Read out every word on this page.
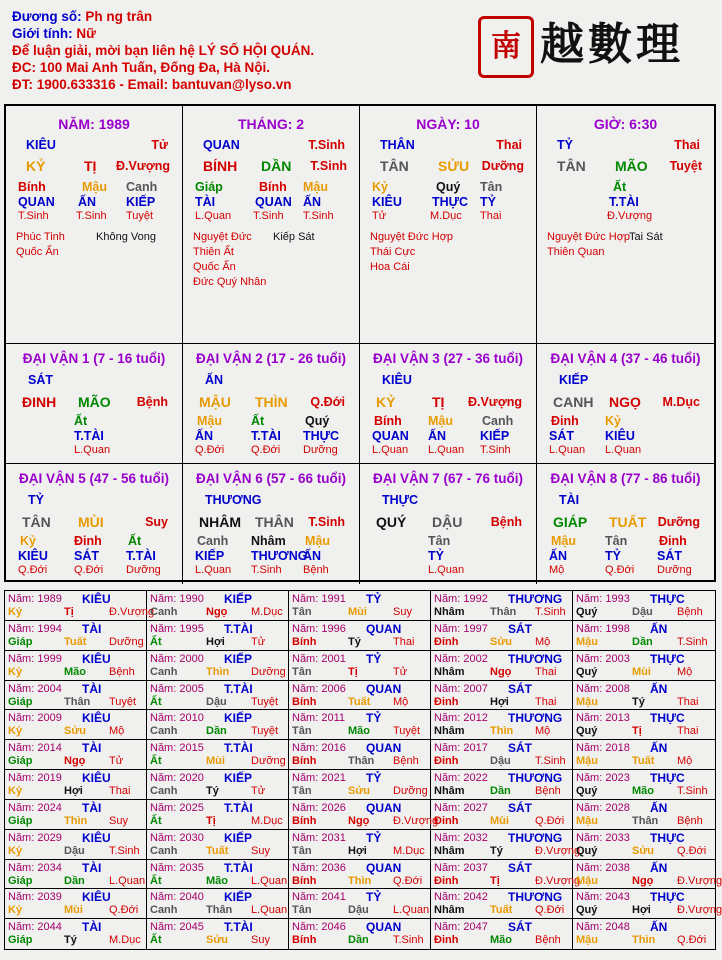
Đương số: Ph ng trân
Giới tính: Nữ
Để luận giải, mời bạn liên hệ LÝ SỐ HỘI QUÁN.
ĐC: 100 Mai Anh Tuấn, Đống Đa, Hà Nội.
ĐT: 1900.633316 - Email: bantuvan@lyso.vn
南 越數理
NĂM: 1989
KIÊU	Tử
KỶ	TỊ Đ.Vượng
Bính	Mậu Canh
QUAN ẤN KIẾP
T.Sinh T.Sinh Tuyệt
Phúc Tinh
Quốc Ấn
Không Vong
THÁNG: 2
QUAN	T.Sinh
BÍNH DẦN T.Sinh
Giáp	Bính Mậu
TÀI	QUAN ẤN
L.Quan T.Sinh T.Sinh
Nguyệt Đức
Thiên Ất
Quốc Ấn
Đức Quý Nhân
Kiếp Sát
NGÀY: 10
THÂN	Thai
TÂN SỬU Dưỡng
Kỷ	Quý Tân
KIÊU THỰC TỶ
Tử	M.Dục Thai
Nguyệt Đức Hợp
Thái Cực
Hoa Cái
GIỜ: 6:30
TỶ	Thai
TÂN MÃO Tuyệt
Ất
T.TÀI
Đ.Vượng
Nguyệt Đức Hợp
Thiên Quan
Tai Sát
ĐẠI VẬN 1 (7 - 16 tuổi)
SÁT
ĐINH MÃO Bệnh
Ất
T.TÀI
L.Quan
ĐẠI VẬN 2 (17 - 26 tuổi)
ẤN
MẬU THÌN Q.Đới
Mậu Ất	Quý
ẤN	T.TÀI THỰC
Q.Đới Q.Đới Dưỡng
ĐẠI VẬN 3 (27 - 36 tuổi)
KIÊU
KỶ	TỊ Đ.Vượng
Bính Mậu Canh
QUAN ẤN	KIẾP
L.Quan L.Quan T.Sinh
ĐẠI VẬN 4 (37 - 46 tuổi)
KIẾP
CANH NGỌ M.Dục
Đinh Kỷ
SÁT KIÊU
L.Quan L.Quan
ĐẠI VẬN 5 (47 - 56 tuổi)
TỶ
TÂN MÙI	Suy
Kỷ	Đinh Ất
KIÊU SÁT T.TÀI
Q.Đới Q.Đới Dưỡng
ĐẠI VẬN 6 (57 - 66 tuổi)
THƯƠNG
NHÂM THÂN T.Sinh
Canh Nhâm Mậu
KIẾP THƯƠNG
ẤN
L.Quan T.Sinh Bệnh
ĐẠI VẬN 7 (67 - 76 tuổi)
THỰC
QUÝ DẬU Bệnh
Tân
TỶ
L.Quan
ĐẠI VẬN 8 (77 - 86 tuổi)
TÀI
GIÁP TUẤT Dưỡng
Mậu Tân	Đinh
ẤN	TỶ	SÁT
Mộ	Q.Đới Dưỡng
Năm: 1989 KIÊU
Kỷ	Tị	Đ.Vượng
Năm: 1990 KIẾP
Canh	Ngọ M.Dục
Năm: 1991 TỶ
Tân	Mùi Suy
Năm: 1992 THƯƠNG
Nhâm Thân T.Sinh
Năm: 1993 THỰC
Quý	Dậu Bệnh
Năm: 1994 TÀI
Giáp	Tuất Dưỡng
Năm: 1995 T.TÀI
Ất	Hợi Tử
Năm: 1996 QUAN
Bính	Tý	Thai
Năm: 1997 SÁT
Đinh	Sửu Mộ
Năm: 1998 ẤN
Mậu	Dần T.Sinh
Năm: 1999 KIÊU
Kỷ	Mão Bệnh
Năm: 2000 KIẾP
Canh	Thìn Dưỡng
Năm: 2001 TỶ
Tân	Tị	Tử
Năm: 2002 THƯƠNG
Nhâm Ngọ Thai
Năm: 2003 THỰC
Quý	Mùi Mộ
Năm: 2004 TÀI
Giáp	Thân Tuyệt
Năm: 2005 T.TÀI
Ất	Dậu Tuyệt
Năm: 2006 QUAN
Bính	Tuất Mộ
Năm: 2007 SÁT
Đinh	Hợi Thai
Năm: 2008 ẤN
Mậu	Tý	Thai
Năm: 2009 KIÊU
Kỷ	Sửu Mộ
Năm: 2010 KIẾP
Canh	Dần Tuyệt
Năm: 2011 TỶ
Tân	Mão Tuyệt
Năm: 2012 THƯƠNG
Nhâm Thìn Mộ
Năm: 2013 THỰC
Quý	Tị	Thai
Năm: 2014 TÀI
Giáp	Ngọ Tử
Năm: 2015 T.TÀI
Ất	Mùi Dưỡng
Năm: 2016 QUAN
Bính	Thân Bệnh
Năm: 2017 SÁT
Đinh	Dậu T.Sinh
Năm: 2018 ẤN
Mậu	Tuất Mộ
Năm: 2019 KIÊU
Kỷ	Hợi Thai
Năm: 2020 KIẾP
Canh	Tý	Tử
Năm: 2021 TỶ
Tân	Sửu Dưỡng
Năm: 2022 THƯƠNG
Nhâm Dần Bệnh
Năm: 2023 THỰC
Quý	Mão T.Sinh
Năm: 2024 TÀI
Giáp	Thìn Suy
Năm: 2025 T.TÀI
Ất	Tị	M.Dục
Năm: 2026 QUAN
Bính	Ngọ Đ.Vượng
Năm: 2027 SÁT
Đinh	Mùi Q.Đới
Năm: 2028 ẤN
Mậu	Thân Bệnh
Năm: 2029 KIÊU
Kỷ	Dậu T.Sinh
Năm: 2030 KIẾP
Canh	Tuất Suy
Năm: 2031 TỶ
Tân	Hợi M.Dục
Năm: 2032 THƯƠNG
Nhâm Tý	Đ.Vượng
Năm: 2033 THỰC
Quý	Sửu Q.Đới
Năm: 2034 TÀI
Giáp	Dần L.Quan
Năm: 2035 T.TÀI
Ất	Mão L.Quan
Năm: 2036 QUAN
Bính	Thìn Q.Đới
Năm: 2037 SÁT
Đinh	Tị	Đ.Vượng
Năm: 2038 ẤN
Mậu	Ngọ Đ.Vượng
Năm: 2039 KIÊU
Kỷ	Mùi Q.Đới
Năm: 2040 KIẾP
Canh	Thân L.Quan
Năm: 2041 TỶ
Tân	Dậu L.Quan
Năm: 2042 THƯƠNG
Nhâm Tuất Q.Đới
Năm: 2043 THỰC
Quý	Hợi Đ.Vượng
Năm: 2044 TÀI
Giáp	Tý	M.Dục
Năm: 2045 T.TÀI
Ất	Sửu Suy
Năm: 2046 QUAN
Bính	Dần T.Sinh
Năm: 2047 SÁT
Đinh	Mão Bệnh
Năm: 2048 ẤN
Mậu	Thìn Q.Đới
